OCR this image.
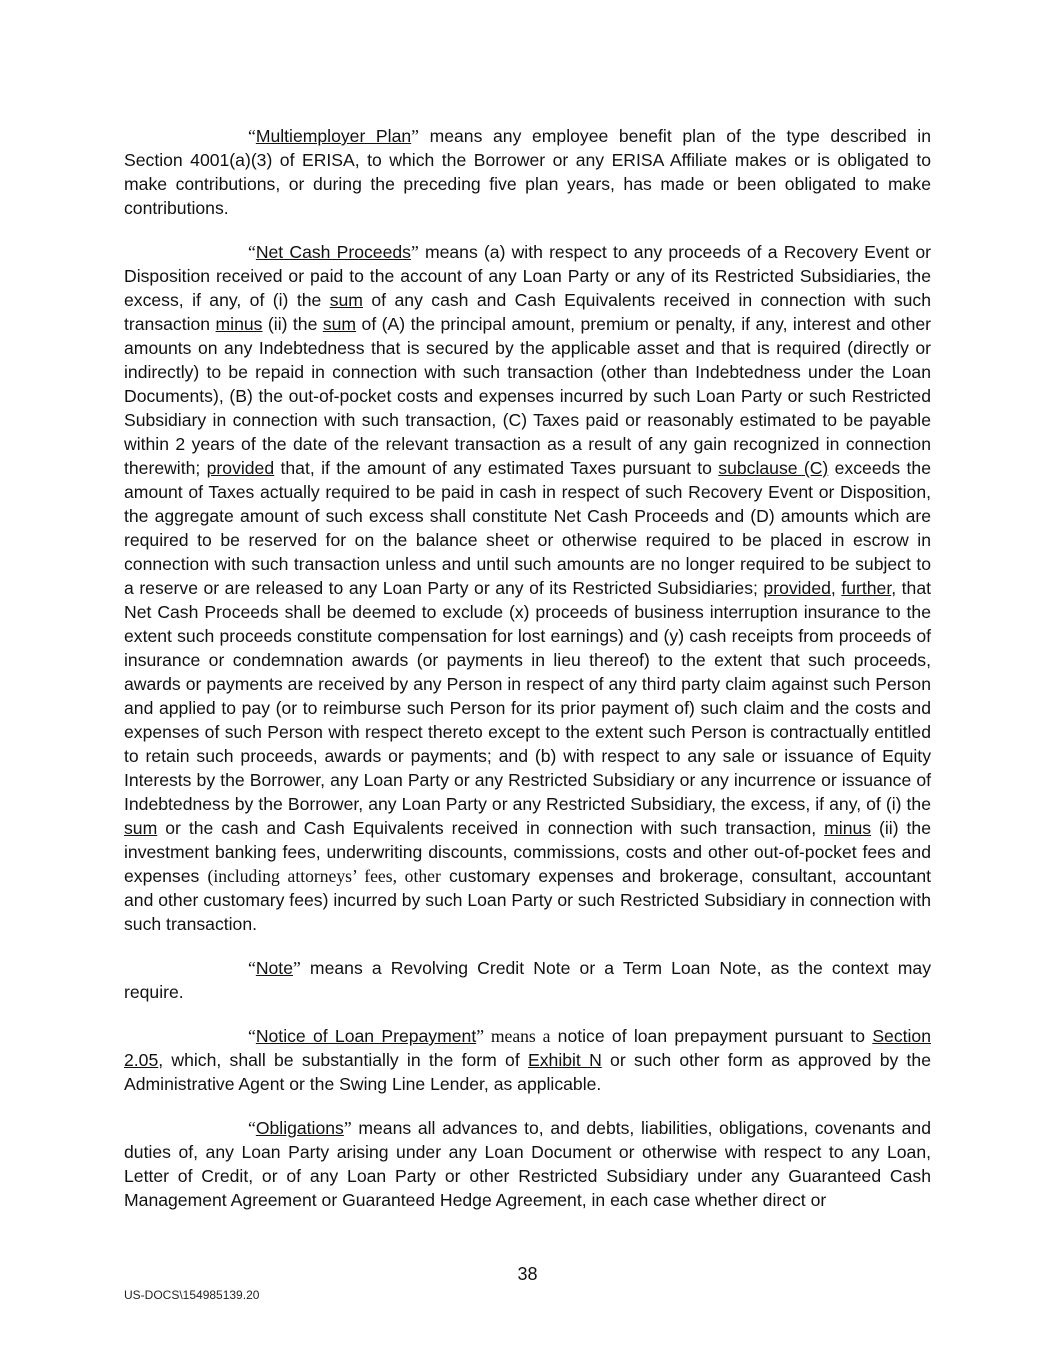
“Multiemployer Plan” means any employee benefit plan of the type described in Section 4001(a)(3) of ERISA, to which the Borrower or any ERISA Affiliate makes or is obligated to make contributions, or during the preceding five plan years, has made or been obligated to make contributions.

“Net Cash Proceeds” means (a) with respect to any proceeds of a Recovery Event or Disposition received or paid to the account of any Loan Party or any of its Restricted Subsidiaries, the excess, if any, of (i) the sum of any cash and Cash Equivalents received in connection with such transaction minus (ii) the sum of (A) the principal amount, premium or penalty, if any, interest and other amounts on any Indebtedness that is secured by the applicable asset and that is required (directly or indirectly) to be repaid in connection with such transaction (other than Indebtedness under the Loan Documents), (B) the out-of-pocket costs and expenses incurred by such Loan Party or such Restricted Subsidiary in connection with such transaction, (C) Taxes paid or reasonably estimated to be payable within 2 years of the date of the relevant transaction as a result of any gain recognized in connection therewith; provided that, if the amount of any estimated Taxes pursuant to subclause (C) exceeds the amount of Taxes actually required to be paid in cash in respect of such Recovery Event or Disposition, the aggregate amount of such excess shall constitute Net Cash Proceeds and (D) amounts which are required to be reserved for on the balance sheet or otherwise required to be placed in escrow in connection with such transaction unless and until such amounts are no longer required to be subject to a reserve or are released to any Loan Party or any of its Restricted Subsidiaries; provided, further, that Net Cash Proceeds shall be deemed to exclude (x) proceeds of business interruption insurance to the extent such proceeds constitute compensation for lost earnings) and (y) cash receipts from proceeds of insurance or condemnation awards (or payments in lieu thereof) to the extent that such proceeds, awards or payments are received by any Person in respect of any third party claim against such Person and applied to pay (or to reimburse such Person for its prior payment of) such claim and the costs and expenses of such Person with respect thereto except to the extent such Person is contractually entitled to retain such proceeds, awards or payments; and (b) with respect to any sale or issuance of Equity Interests by the Borrower, any Loan Party or any Restricted Subsidiary or any incurrence or issuance of Indebtedness by the Borrower, any Loan Party or any Restricted Subsidiary, the excess, if any, of (i) the sum or the cash and Cash Equivalents received in connection with such transaction, minus (ii) the investment banking fees, underwriting discounts, commissions, costs and other out-of-pocket fees and expenses (including attorneys’ fees, other customary expenses and brokerage, consultant, accountant and other customary fees) incurred by such Loan Party or such Restricted Subsidiary in connection with such transaction.

“Note” means a Revolving Credit Note or a Term Loan Note, as the context may require.

“Notice of Loan Prepayment” means a notice of loan prepayment pursuant to Section 2.05, which, shall be substantially in the form of Exhibit N or such other form as approved by the Administrative Agent or the Swing Line Lender, as applicable.

“Obligations” means all advances to, and debts, liabilities, obligations, covenants and duties of, any Loan Party arising under any Loan Document or otherwise with respect to any Loan, Letter of Credit, or of any Loan Party or other Restricted Subsidiary under any Guaranteed Cash Management Agreement or Guaranteed Hedge Agreement, in each case whether direct or

38
US-DOCS\154985139.20
